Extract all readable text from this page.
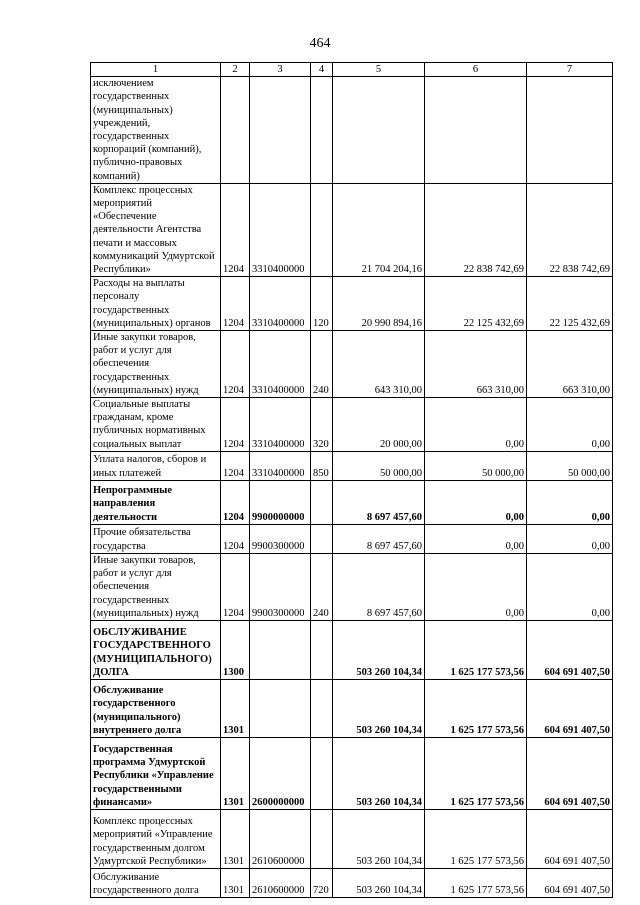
464
1	2	3	4	5	6	7
исключением государственных (муниципальных) учреждений, государственных корпораций (компаний), публично-правовых компаний)						
Комплекс процессных мероприятий «Обеспечение деятельности Агентства печати и массовых коммуникаций Удмуртской Республики»	1204	3310400000		21 704 204,16	22 838 742,69	22 838 742,69
Расходы на выплаты персоналу государственных (муниципальных) органов	1204	3310400000	120	20 990 894,16	22 125 432,69	22 125 432,69
Иные закупки товаров, работ и услуг для обеспечения государственных (муниципальных) нужд	1204	3310400000	240	643 310,00	663 310,00	663 310,00
Социальные выплаты гражданам, кроме публичных нормативных социальных выплат	1204	3310400000	320	20 000,00	0,00	0,00
Уплата налогов, сборов и иных платежей	1204	3310400000	850	50 000,00	50 000,00	50 000,00
Непрограммные направления деятельности	1204	9900000000		8 697 457,60	0,00	0,00
Прочие обязательства государства	1204	9900300000		8 697 457,60	0,00	0,00
Иные закупки товаров, работ и услуг для обеспечения государственных (муниципальных) нужд	1204	9900300000	240	8 697 457,60	0,00	0,00
ОБСЛУЖИВАНИЕ ГОСУДАРСТВЕННОГО (МУНИЦИПАЛЬНОГО) ДОЛГА	1300			503 260 104,34	1 625 177 573,56	604 691 407,50
Обслуживание государственного (муниципального) внутреннего долга	1301			503 260 104,34	1 625 177 573,56	604 691 407,50
Государственная программа Удмуртской Республики «Управление государственными финансами»	1301	2600000000		503 260 104,34	1 625 177 573,56	604 691 407,50
Комплекс процессных мероприятий «Управление государственным долгом Удмуртской Республики»	1301	2610600000		503 260 104,34	1 625 177 573,56	604 691 407,50
Обслуживание государственного долга	1301	2610600000	720	503 260 104,34	1 625 177 573,56	604 691 407,50
